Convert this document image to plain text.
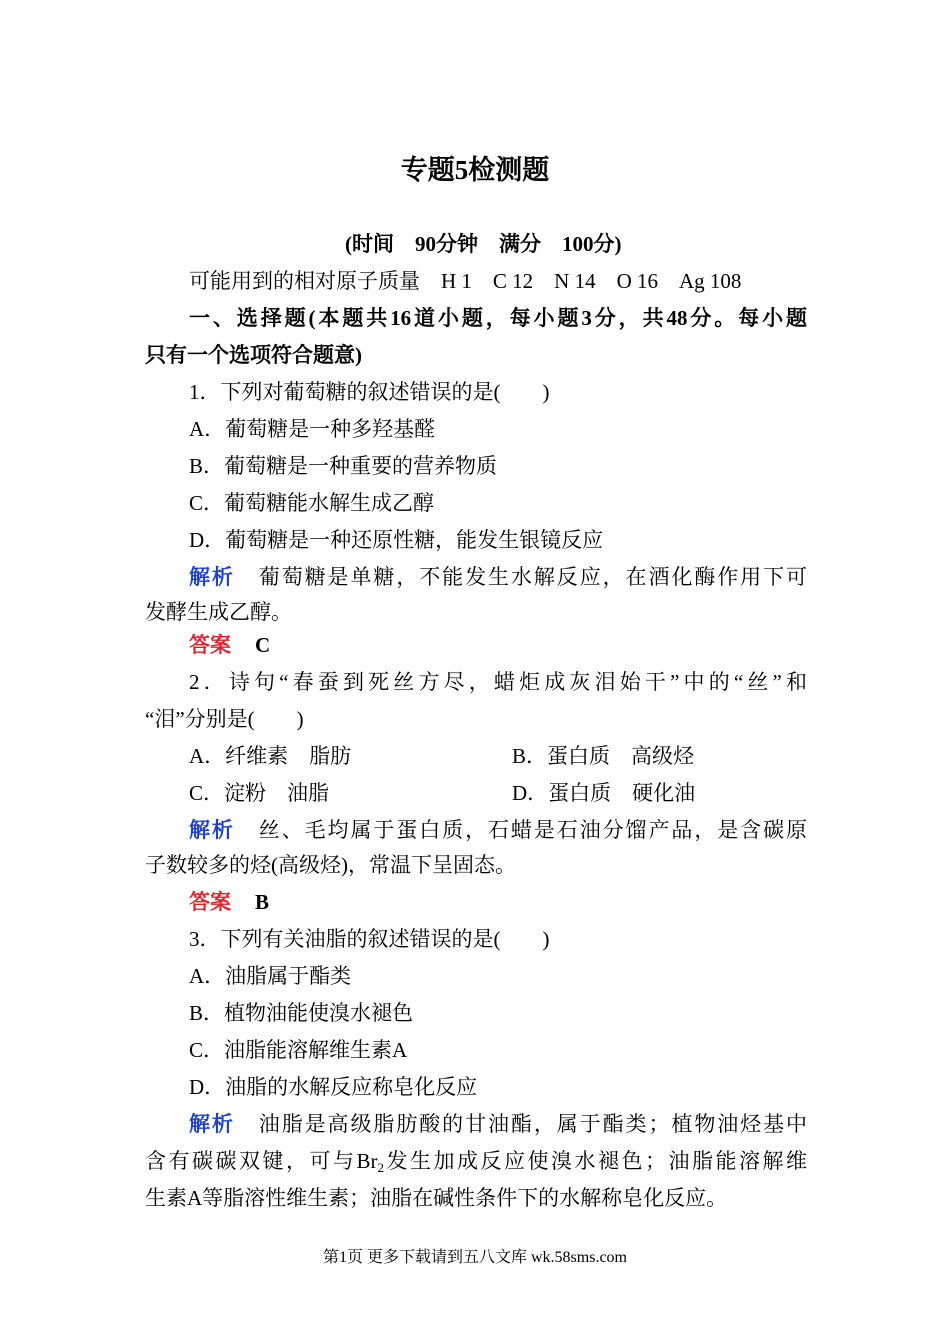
专题5检测题
(时间　90分钟　满分　100分)
可能用到的相对原子质量　H 1　C 12　N 14　O 16　Ag 108
一、选择题(本题共16道小题，每小题3分，共48分。每小题
只有一个选项符合题意)
1．下列对葡萄糖的叙述错误的是(　　)
A．葡萄糖是一种多羟基醛
B．葡萄糖是一种重要的营养物质
C．葡萄糖能水解生成乙醇
D．葡萄糖是一种还原性糖，能发生银镜反应
解析 葡萄糖是单糖，不能发生水解反应，在酒化酶作用下可
发酵生成乙醇。
答案 C
2．诗句“春蚕到死丝方尽，蜡炬成灰泪始干”中的“丝”和
“泪”分别是(　　)
A．纤维素　脂肪	B．蛋白质　高级烃
C．淀粉　油脂	D．蛋白质　硬化油
解析 丝、毛均属于蛋白质，石蜡是石油分馏产品，是含碳原
子数较多的烃(高级烃)，常温下呈固态。
答案 B
3．下列有关油脂的叙述错误的是(　　)
A．油脂属于酯类
B．植物油能使溴水褪色
C．油脂能溶解维生素A
D．油脂的水解反应称皂化反应
解析 油脂是高级脂肪酸的甘油酯，属于酯类；植物油烃基中
含有碳碳双键，可与$Br_2$发生加成反应使溴水褪色；油脂能溶解维
生素A等脂溶性维生素；油脂在碱性条件下的水解称皂化反应。
第1页 更多下载请到五八文库 wk.58sms.com
